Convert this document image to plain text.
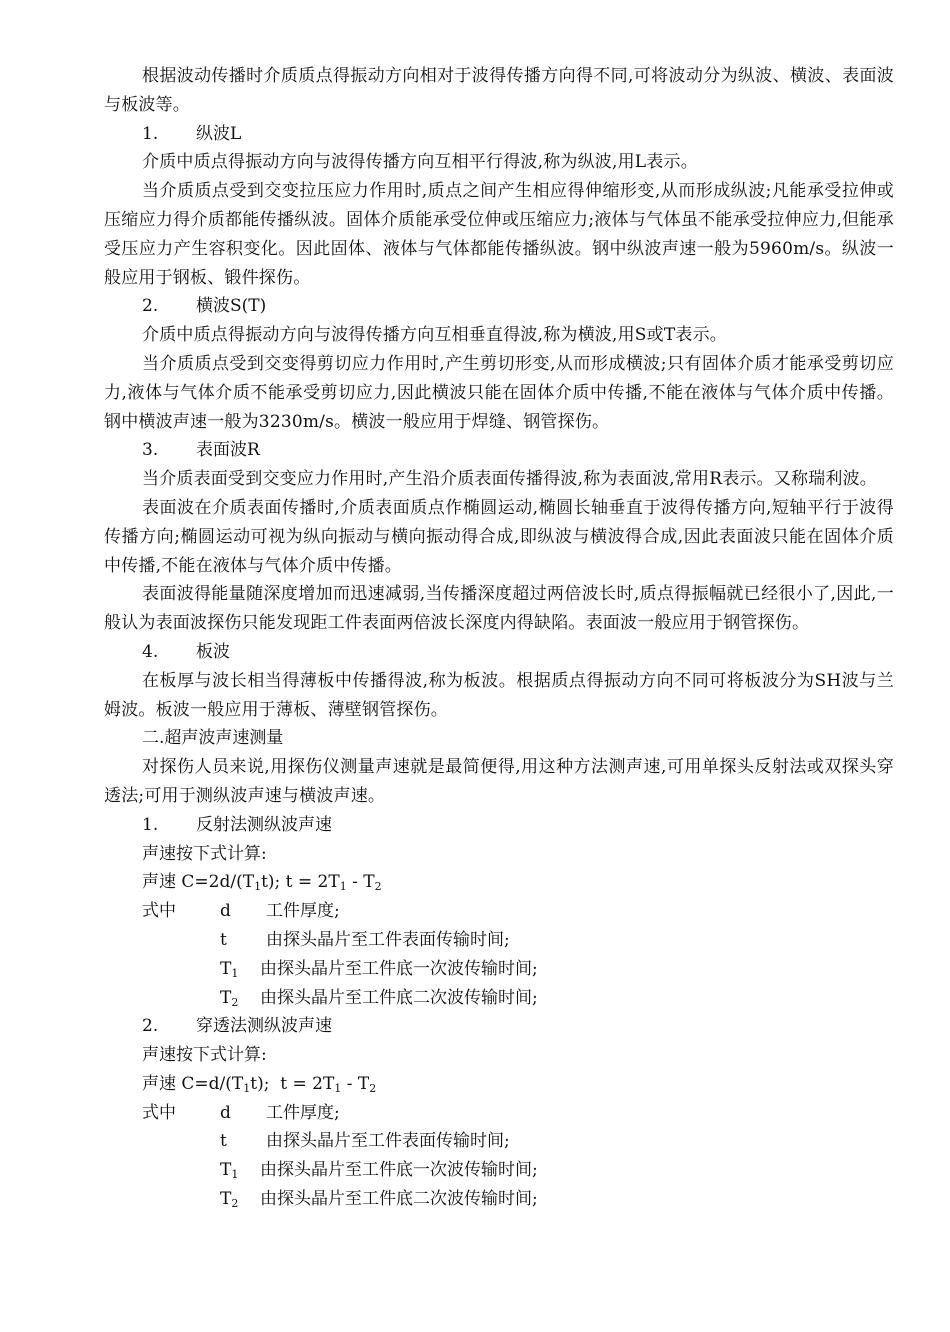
根据波动传播时介质质点得振动方向相对于波得传播方向得不同,可将波动分为纵波、横波、表面波与板波等。

1. 纵波L

介质中质点得振动方向与波得传播方向互相平行得波,称为纵波,用L表示。

当介质质点受到交变拉压应力作用时,质点之间产生相应得伸缩形变,从而形成纵波;凡能承受拉伸或压缩应力得介质都能传播纵波。固体介质能承受位伸或压缩应力;液体与气体虽不能承受拉伸应力,但能承受压应力产生容积变化。因此固体、液体与气体都能传播纵波。钢中纵波声速一般为5960m/s。纵波一般应用于钢板、锻件探伤。

2. 横波S(T)

介质中质点得振动方向与波得传播方向互相垂直得波,称为横波,用S或T表示。

当介质质点受到交变得剪切应力作用时,产生剪切形变,从而形成横波;只有固体介质才能承受剪切应力,液体与气体介质不能承受剪切应力,因此横波只能在固体介质中传播,不能在液体与气体介质中传播。钢中横波声速一般为3230m/s。横波一般应用于焊缝、钢管探伤。

3. 表面波R

当介质表面受到交变应力作用时,产生沿介质表面传播得波,称为表面波,常用R表示。又称瑞利波。

表面波在介质表面传播时,介质表面质点作椭圆运动,椭圆长轴垂直于波得传播方向,短轴平行于波得传播方向;椭圆运动可视为纵向振动与横向振动得合成,即纵波与横波得合成,因此表面波只能在固体介质中传播,不能在液体与气体介质中传播。

表面波得能量随深度增加而迅速减弱,当传播深度超过两倍波长时,质点得振幅就已经很小了,因此,一般认为表面波探伤只能发现距工件表面两倍波长深度内得缺陷。表面波一般应用于钢管探伤。

4. 板波

在板厚与波长相当得薄板中传播得波,称为板波。根据质点得振动方向不同可将板波分为SH波与兰姆波。板波一般应用于薄板、薄壁钢管探伤。

二.超声波声速测量

对探伤人员来说,用探伤仪测量声速就是最简便得,用这种方法测声速,可用单探头反射法或双探头穿透法;可用于测纵波声速与横波声速。

1. 反射法测纵波声速

声速按下式计算:

声速 $C=2d/(T_1t)$; $t = 2T_1 - T_2$

式中	d 工件厚度;

t 由探头晶片至工件表面传输时间;

$T_1$ 由探头晶片至工件底一次波传输时间;

$T_2$ 由探头晶片至工件底二次波传输时间;

2. 穿透法测纵波声速

声速按下式计算:

声速 $C=d/(T_1t)$;  $t = 2T_1 - T_2$

式中	d 工件厚度;

t 由探头晶片至工件表面传输时间;

$T_1$ 由探头晶片至工件底一次波传输时间;

$T_2$ 由探头晶片至工件底二次波传输时间;
